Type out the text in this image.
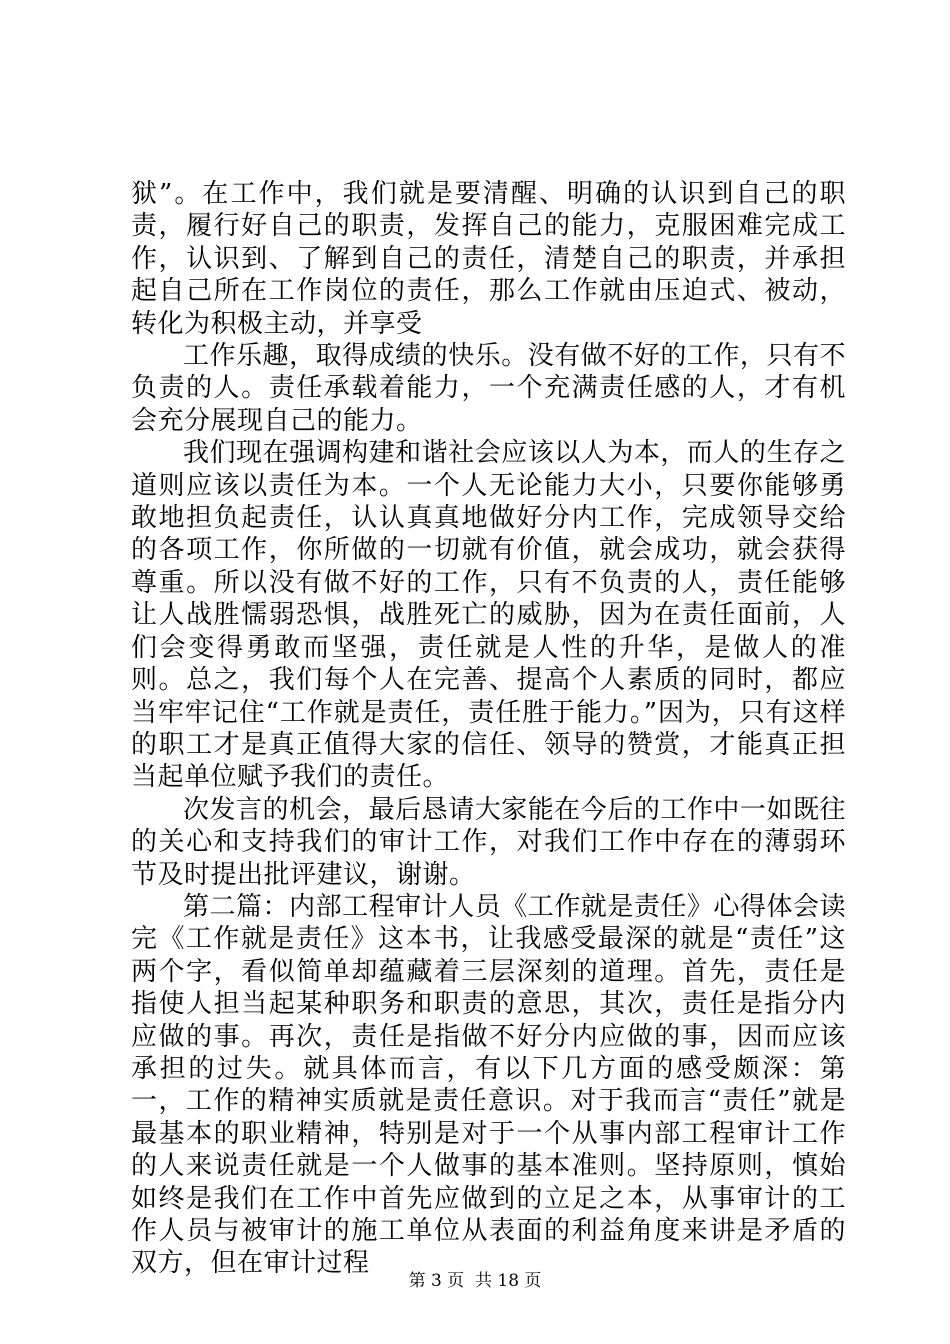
狱”。在工作中，我们就是要清醒、明确的认识到自己的职责，履行好自己的职责，发挥自己的能力，克服困难完成工作，认识到、了解到自己的责任，清楚自己的职责，并承担起自己所在工作岗位的责任，那么工作就由压迫式、被动，转化为积极主动，并享受

工作乐趣，取得成绩的快乐。没有做不好的工作，只有不负责的人。责任承载着能力，一个充满责任感的人，才有机会充分展现自己的能力。

我们现在强调构建和谐社会应该以人为本，而人的生存之道则应该以责任为本。一个人无论能力大小，只要你能够勇敢地担负起责任，认认真真地做好分内工作，完成领导交给的各项工作，你所做的一切就有价值，就会成功，就会获得尊重。所以没有做不好的工作，只有不负责的人，责任能够让人战胜懦弱恐惧，战胜死亡的威胁，因为在责任面前，人们会变得勇敢而坚强，责任就是人性的升华，是做人的准则。总之，我们每个人在完善、提高个人素质的同时，都应当牢牢记住“工作就是责任，责任胜于能力。”因为，只有这样的职工才是真正值得大家的信任、领导的赞赏，才能真正担当起单位赋予我们的责任。

次发言的机会，最后恳请大家能在今后的工作中一如既往的关心和支持我们的审计工作，对我们工作中存在的薄弱环节及时提出批评建议，谢谢。

第二篇：内部工程审计人员《工作就是责任》心得体会读完《工作就是责任》这本书，让我感受最深的就是“责任”这两个字，看似简单却蕴藏着三层深刻的道理。首先，责任是指使人担当起某种职务和职责的意思，其次，责任是指分内应做的事。再次，责任是指做不好分内应做的事，因而应该承担的过失。就具体而言，有以下几方面的感受颇深：第一，工作的精神实质就是责任意识。对于我而言“责任”就是最基本的职业精神，特别是对于一个从事内部工程审计工作的人来说责任就是一个人做事的基本准则。坚持原则，慎始如终是我们在工作中首先应做到的立足之本，从事审计的工作人员与被审计的施工单位从表面的利益角度来讲是矛盾的双方，但在审计过程

第 3 页  共 18 页
